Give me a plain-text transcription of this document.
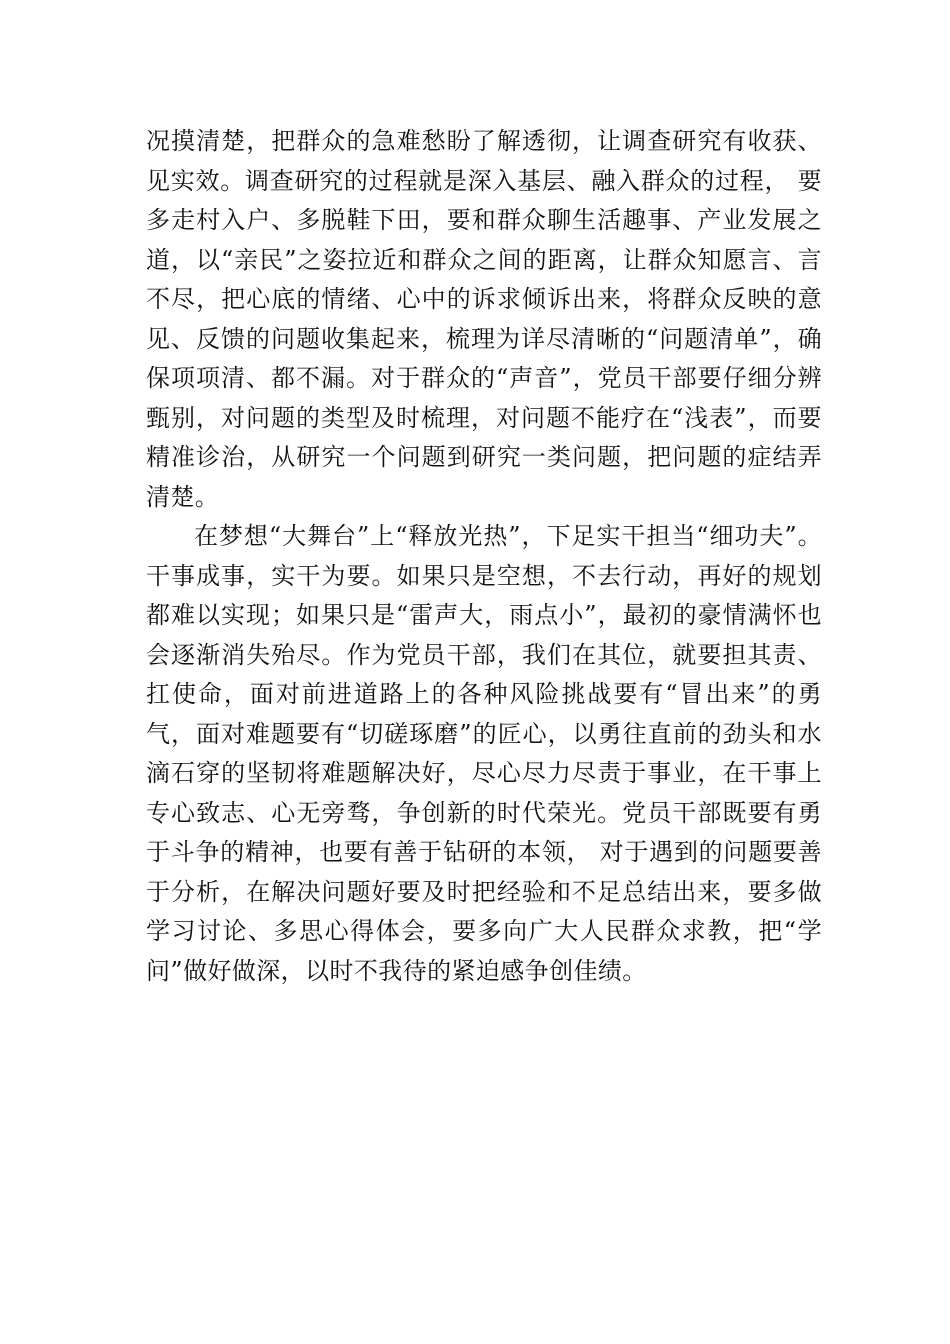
况摸清楚，把群众的急难愁盼了解透彻，让调查研究有收获、见实效。调查研究的过程就是深入基层、融入群众的过程， 要多走村入户、多脱鞋下田，要和群众聊生活趣事、产业发展之道，以“亲民”之姿拉近和群众之间的距离，让群众知愿言、言不尽，把心底的情绪、心中的诉求倾诉出来，将群众反映的意见、反馈的问题收集起来，梳理为详尽清晰的“问题清单”，确保项项清、都不漏。对于群众的“声音”，党员干部要仔细分辨甄别，对问题的类型及时梳理，对问题不能疗在“浅表”，而要精准诊治，从研究一个问题到研究一类问题，把问题的症结弄清楚。

在梦想“大舞台”上“释放光热”，下足实干担当“细功夫”。干事成事，实干为要。如果只是空想，不去行动，再好的规划都难以实现；如果只是“雷声大，雨点小”，最初的豪情满怀也会逐渐消失殆尽。作为党员干部，我们在其位，就要担其责、扛使命，面对前进道路上的各种风险挑战要有“冒出来”的勇气，面对难题要有“切磋琢磨”的匠心，以勇往直前的劲头和水滴石穿的坚韧将难题解决好，尽心尽力尽责于事业，在干事上专心致志、心无旁骛，争创新的时代荣光。党员干部既要有勇于斗争的精神，也要有善于钻研的本领， 对于遇到的问题要善于分析，在解决问题好要及时把经验和不足总结出来，要多做学习讨论、多思心得体会，要多向广大人民群众求教，把“学问”做好做深，以时不我待的紧迫感争创佳绩。
